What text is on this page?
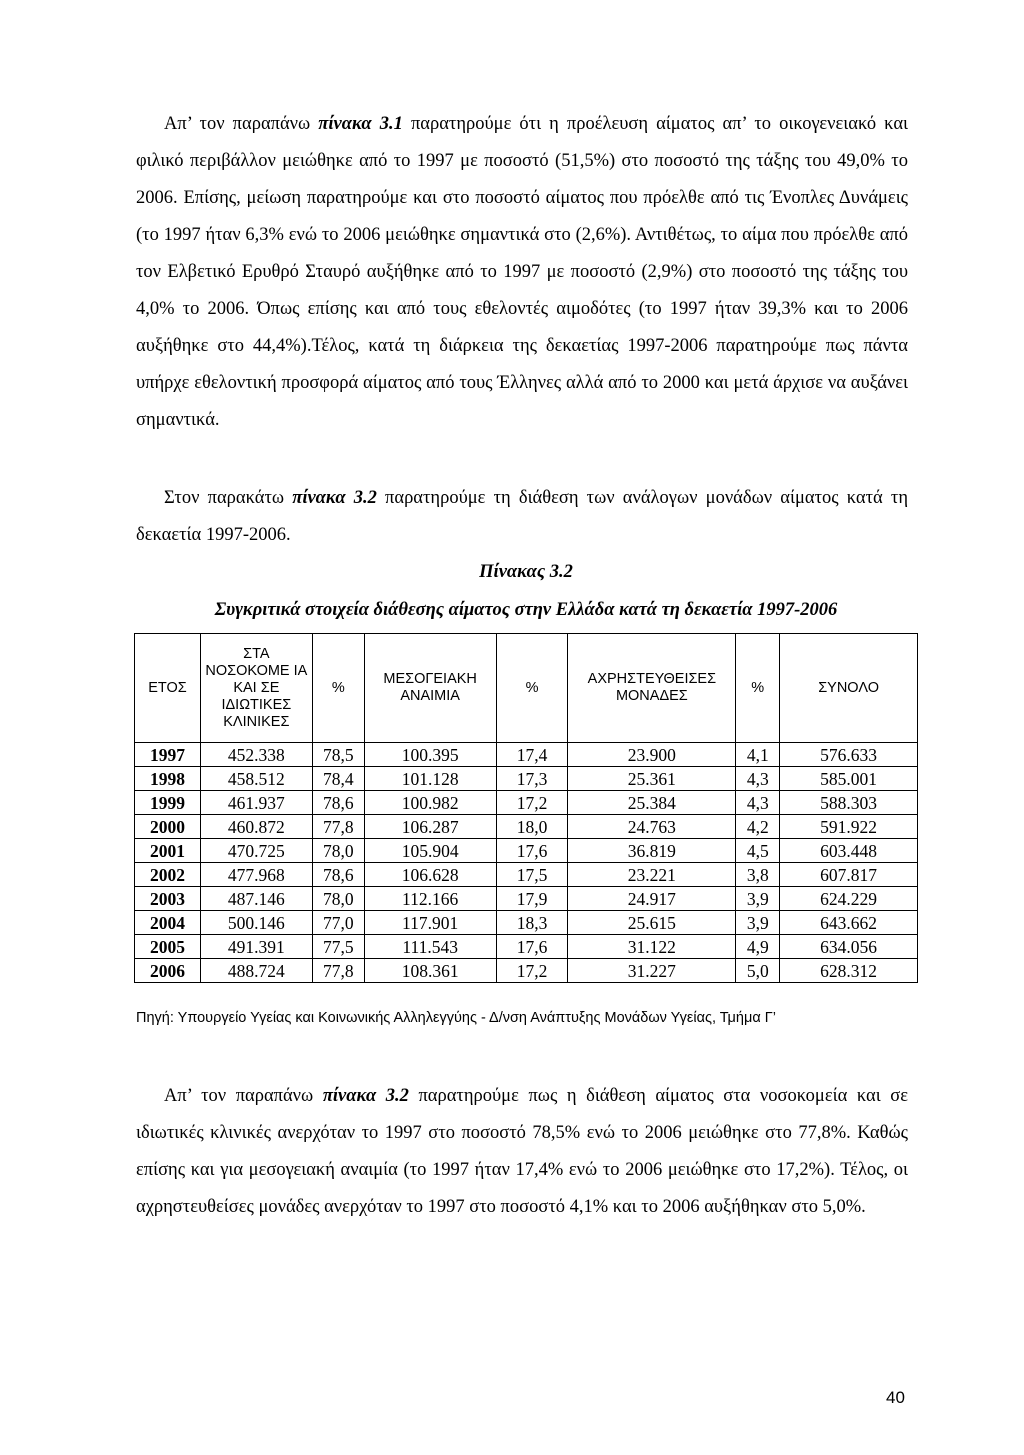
Απ’ τον παραπάνω πίνακα 3.1 παρατηρούμε ότι η προέλευση αίματος απ’ το οικογενειακό και φιλικό περιβάλλον μειώθηκε από το 1997 με ποσοστό (51,5%) στο ποσοστό της τάξης του 49,0% το 2006. Επίσης, μείωση παρατηρούμε και στο ποσοστό αίματος που πρόελθε από τις Ένοπλες Δυνάμεις (το 1997 ήταν 6,3% ενώ το 2006 μειώθηκε σημαντικά στο (2,6%). Αντιθέτως, το αίμα που πρόελθε από τον Ελβετικό Ερυθρό Σταυρό αυξήθηκε από το 1997 με ποσοστό (2,9%) στο ποσοστό της τάξης του 4,0% το 2006. Όπως επίσης και από τους εθελοντές αιμοδότες (το 1997 ήταν 39,3% και το 2006 αυξήθηκε στο 44,4%).Τέλος, κατά τη διάρκεια της δεκαετίας 1997-2006 παρατηρούμε πως πάντα υπήρχε εθελοντική προσφορά αίματος από τους Έλληνες αλλά από το 2000 και μετά άρχισε να αυξάνει σημαντικά.

Στον παρακάτω πίνακα 3.2 παρατηρούμε τη διάθεση των ανάλογων μονάδων αίματος κατά τη δεκαετία 1997-2006.

Πίνακας 3.2

Συγκριτικά στοιχεία διάθεσης αίματος στην Ελλάδα κατά τη δεκαετία 1997-2006

ΕΤΟΣ	ΣΤΑ ΝΟΣΟΚΟΜΕ ΙΑ ΚΑΙ ΣΕ ΙΔΙΩΤΙΚΕΣ ΚΛΙΝΙΚΕΣ	%	ΜΕΣΟΓΕΙΑΚΗ ΑΝΑΙΜΙΑ	%	ΑΧΡΗΣΤΕΥΘΕΙΣΕΣ ΜΟΝΑΔΕΣ	%	ΣΥΝΟΛΟ
1997	452.338	78,5	100.395	17,4	23.900	4,1	576.633
1998	458.512	78,4	101.128	17,3	25.361	4,3	585.001
1999	461.937	78,6	100.982	17,2	25.384	4,3	588.303
2000	460.872	77,8	106.287	18,0	24.763	4,2	591.922
2001	470.725	78,0	105.904	17,6	36.819	4,5	603.448
2002	477.968	78,6	106.628	17,5	23.221	3,8	607.817
2003	487.146	78,0	112.166	17,9	24.917	3,9	624.229
2004	500.146	77,0	117.901	18,3	25.615	3,9	643.662
2005	491.391	77,5	111.543	17,6	31.122	4,9	634.056
2006	488.724	77,8	108.361	17,2	31.227	5,0	628.312

Πηγή: Υπουργείο Υγείας και Κοινωνικής Αλληλεγγύης - Δ/νση Ανάπτυξης Μονάδων Υγείας, Τμήμα Γ’

Απ’ τον παραπάνω πίνακα 3.2 παρατηρούμε πως η διάθεση αίματος στα νοσοκομεία και σε ιδιωτικές κλινικές ανερχόταν το 1997 στο ποσοστό 78,5% ενώ το 2006 μειώθηκε στο 77,8%. Καθώς επίσης και για μεσογειακή αναιμία (το 1997 ήταν 17,4% ενώ το 2006 μειώθηκε στο 17,2%). Τέλος, οι αχρηστευθείσες μονάδες ανερχόταν το 1997 στο ποσοστό 4,1% και το 2006 αυξήθηκαν στο 5,0%.

40
